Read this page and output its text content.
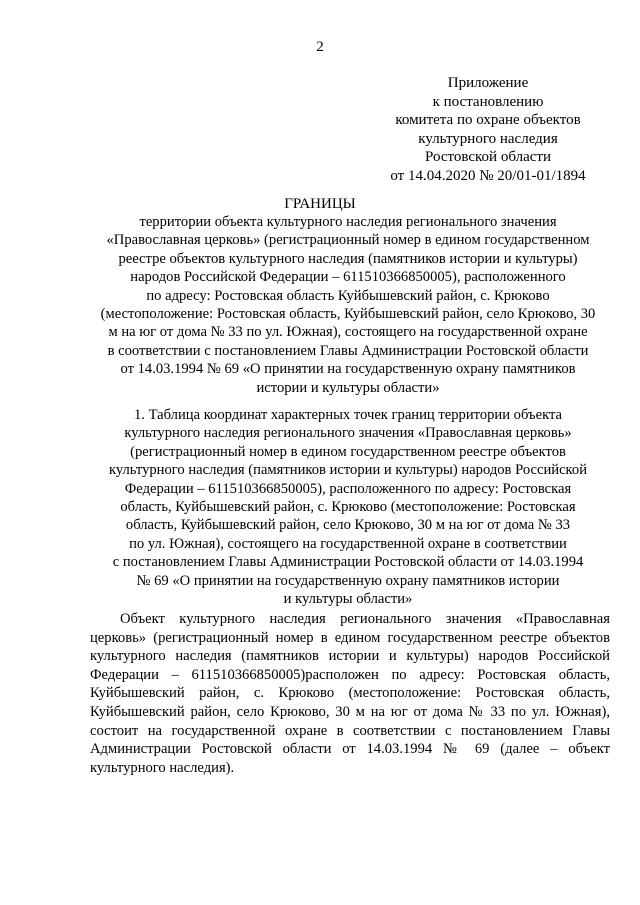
2
Приложение
к постановлению
комитета по охране объектов
культурного наследия
Ростовской области
от 14.04.2020 № 20/01-01/1894
ГРАНИЦЫ
территории объекта культурного наследия регионального значения
«Православная церковь» (регистрационный номер в едином государственном
реестре объектов культурного наследия (памятников истории и культуры)
народов Российской Федерации – 611510366850005), расположенного
по адресу: Ростовская область Куйбышевский район, с. Крюково
(местоположение: Ростовская область, Куйбышевский район, село Крюково, 30
м на юг от дома № 33 по ул. Южная), состоящего на государственной охране
в соответствии с постановлением Главы Администрации Ростовской области
от 14.03.1994 № 69 «О принятии на государственную охрану памятников
истории и культуры области»
1. Таблица координат характерных точек границ территории объекта
культурного наследия регионального значения «Православная церковь»
(регистрационный номер в едином государственном реестре объектов
культурного наследия (памятников истории и культуры) народов Российской
Федерации – 611510366850005), расположенного по адресу: Ростовская
область, Куйбышевский район, с. Крюково (местоположение: Ростовская
область, Куйбышевский район, село Крюково, 30 м на юг от дома № 33
по ул. Южная), состоящего на государственной охране в соответствии
с постановлением Главы Администрации Ростовской области от 14.03.1994
№ 69 «О принятии на государственную охрану памятников истории
и культуры области»
Объект культурного наследия регионального значения «Православная
церковь» (регистрационный номер в едином государственном реестре объектов
культурного наследия (памятников истории и культуры) народов Российской
Федерации – 611510366850005)расположен по адресу: Ростовская область,
Куйбышевский район, с. Крюково (местоположение: Ростовская область,
Куйбышевский район, село Крюково, 30 м на юг от дома № 33 по ул. Южная),
состоит на государственной охране в соответствии с постановлением Главы
Администрации Ростовской области от 14.03.1994 № 69 (далее – объект
культурного наследия).
